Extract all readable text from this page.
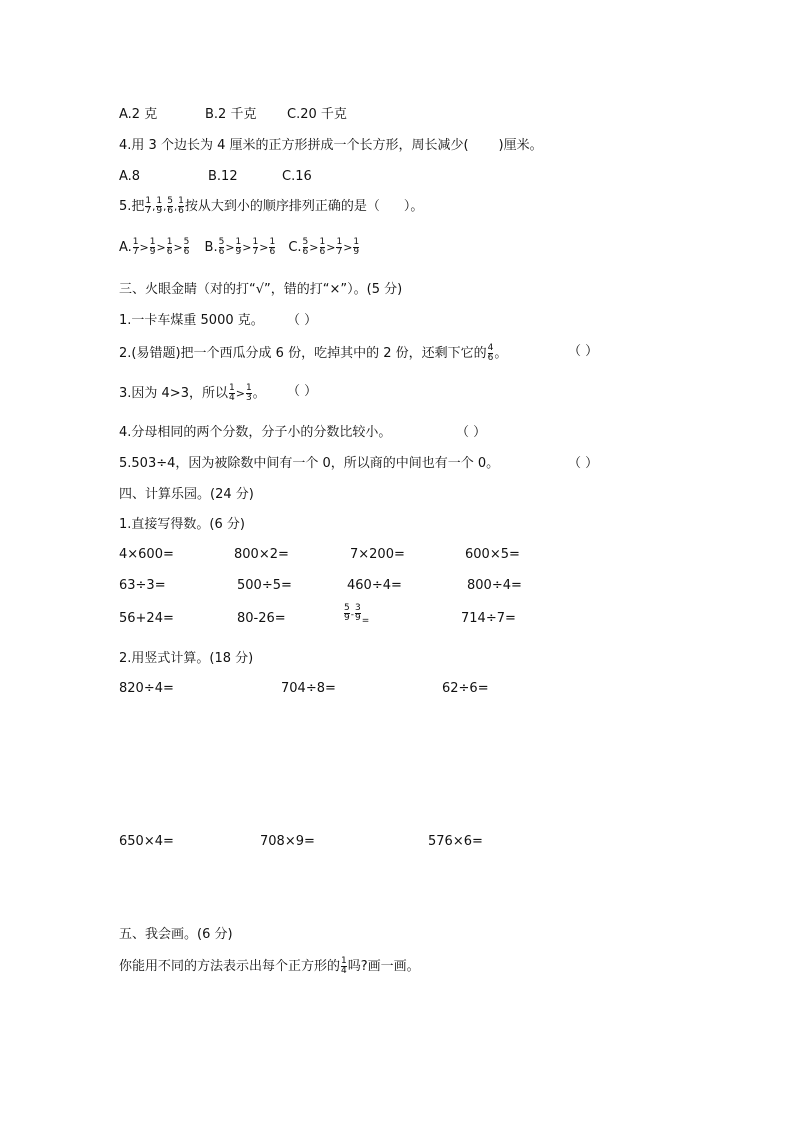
A.2 克	B.2 千克 C.20 千克
4.用 3 个边长为 4 厘米的正方形拼成一个长方形，周长减少( )厘米。
A.8	B.12	C.16
5.把 $\frac{1}{7}$ , $\frac{1}{9}$ , $\frac{5}{6}$ , $\frac{1}{6}$ 按从大到小的顺序排列正确的是（ ）。
A. $\frac{1}{7} > \frac{1}{9} > \frac{1}{6} > \frac{5}{6} B$. $\frac{5}{6} > \frac{1}{9} > \frac{1}{7} > \frac{1}{6} C$. $\frac{5}{6} > \frac{1}{6} > \frac{1}{7} > \frac{1}{9}$
三、火眼金睛（对的打“√”，错的打“×”）。(5 分)
1.一卡车煤重 5000 克。 （ ）
2.(易错题)把一个西瓜分成 6 份，吃掉其中的 2 份，还剩下它的 $\frac{4}{6}$ 。	（ ）
3.因为 4>3，所以 $\frac{1}{4} > \frac{1}{3}$ 。 （ ）
4.分母相同的两个分数，分子小的分数比较小。	（ ）
5.503÷4，因为被除数中间有一个 0，所以商的中间也有一个 0。	（ ）
四、计算乐园。(24 分)
1.直接写得数。(6 分)
4×600=	800×2=	7×200=	600×5=
63÷3=	500÷5=	460÷4=	800÷4=
56+24=	80-26=	$\frac{5}{9} - \frac{3}{9} _=$	714÷7=
2.用竖式计算。(18 分)
820÷4=	704÷8=	62÷6=
650×4=	708×9=	576×6=
五、我会画。(6 分)
你能用不同的方法表示出每个正方形的 $\frac{1}{4}$ 吗?画一画。
